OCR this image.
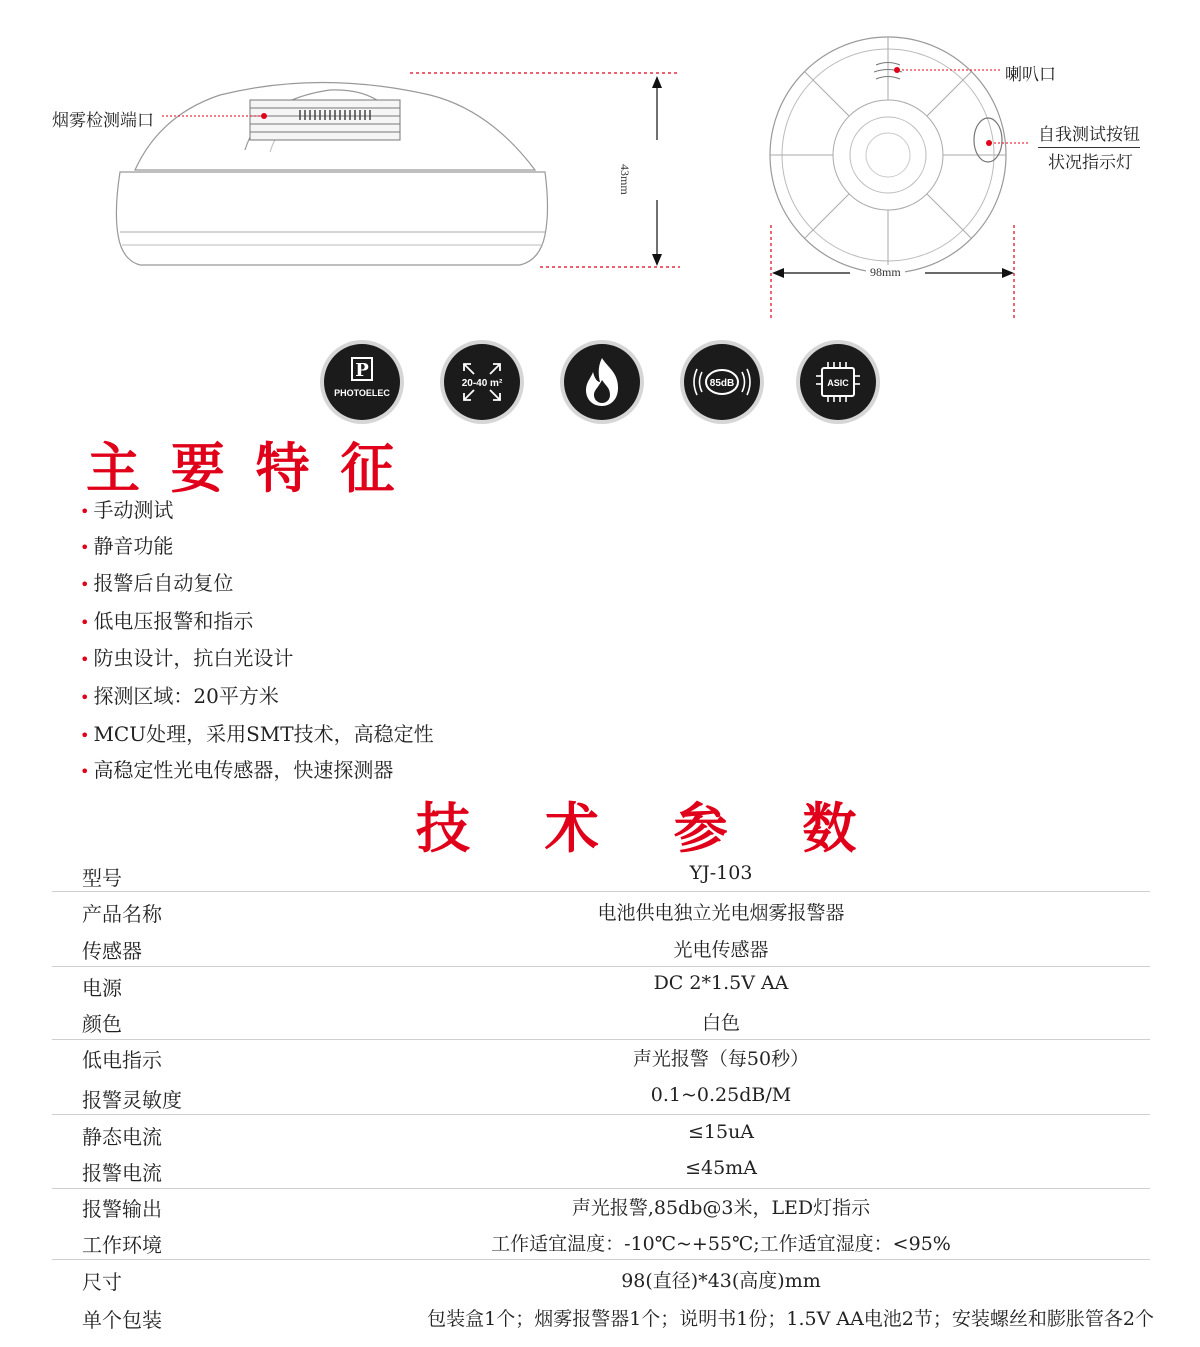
烟雾检测端口
43mm
喇叭口
自我测试按钮
状况指示灯
98mm
P
PHOTOELEC
20-40 m²	85dB	ASIC
主 要 特 征
• 手动测试
• 静音功能
• 报警后自动复位
• 低电压报警和指示
• 防虫设计，抗白光设计
• 探测区域：20平方米
• MCU处理，采用SMT技术，高稳定性
• 高稳定性光电传感器，快速探测器
技 术 参 数
型号	YJ-103
产品名称	电池供电独立光电烟雾报警器
传感器	光电传感器
电源	DC 2*1.5V AA
颜色	白色
低电指示	声光报警（每50秒）
报警灵敏度	0.1~0.25dB/M
静态电流	≤15uA
报警电流	≤45mA
报警输出	声光报警,85db@3米，LED灯指示
工作环境	工作适宜温度：-10℃~+55℃;工作适宜湿度：<95%
尺寸	98(直径)*43(高度)mm
单个包装	包装盒1个；烟雾报警器1个；说明书1份；1.5V AA电池2节；安装螺丝和膨胀管各2个
